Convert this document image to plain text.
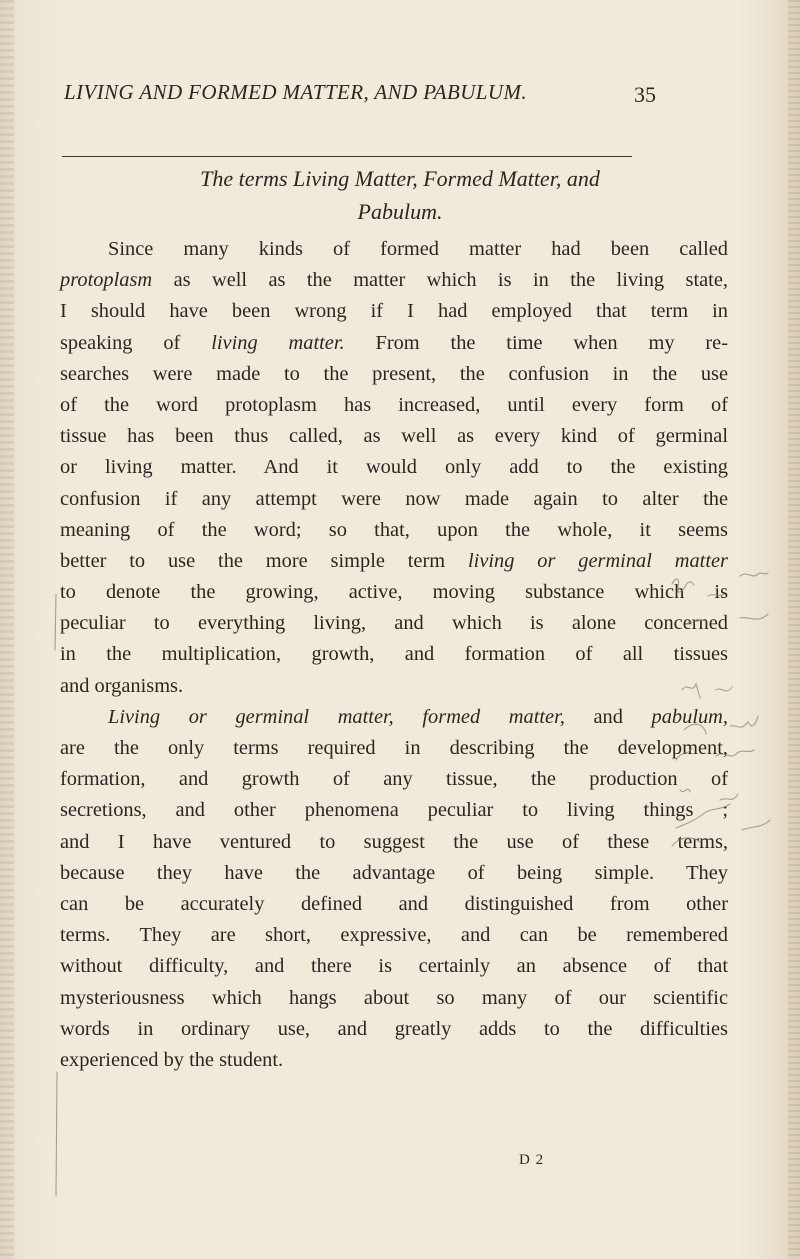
LIVING AND FORMED MATTER, AND PABULUM.	35
The terms Living Matter, Formed Matter, and
Pabulum.
Since many kinds of formed matter had been called
protoplasm as well as the matter which is in the living state,
I should have been wrong if I had employed that term in
speaking of living matter. From the time when my re-
searches were made to the present, the confusion in the use
of the word protoplasm has increased, until every form of
tissue has been thus called, as well as every kind of germinal
or living matter. And it would only add to the existing
confusion if any attempt were now made again to alter the
meaning of the word; so that, upon the whole, it seems
better to use the more simple term living or germinal matter
to denote the growing, active, moving substance which is
peculiar to everything living, and which is alone concerned
in the multiplication, growth, and formation of all tissues
and organisms.
Living or germinal matter, formed matter, and pabulum,
are the only terms required in describing the development,
formation, and growth of any tissue, the production of
secretions, and other phenomena peculiar to living things ;
and I have ventured to suggest the use of these terms,
because they have the advantage of being simple. They
can be accurately defined and distinguished from other
terms. They are short, expressive, and can be remembered
without difficulty, and there is certainly an absence of that
mysteriousness which hangs about so many of our scientific
words in ordinary use, and greatly adds to the difficulties
experienced by the student.
D 2
